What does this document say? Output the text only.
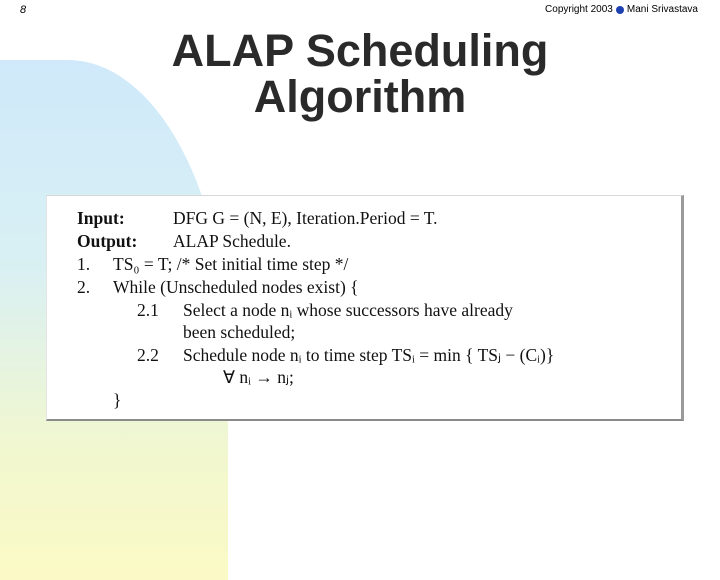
8	Copyright 2003 Mani Srivastava
ALAP Scheduling
Algorithm
Input:	DFG G = (N, E), Iteration.Period = T.
Output: ALAP Schedule.
1. TS₀ = T; /* Set initial time step */
2. While (Unscheduled nodes exist) {
2.1 Select a node nᵢ whose successors have already
been scheduled;
2.2 Schedule node nᵢ to time step TSᵢ = min { TSⱼ − (Cᵢ)}
∀ nᵢ → nⱼ;
}
